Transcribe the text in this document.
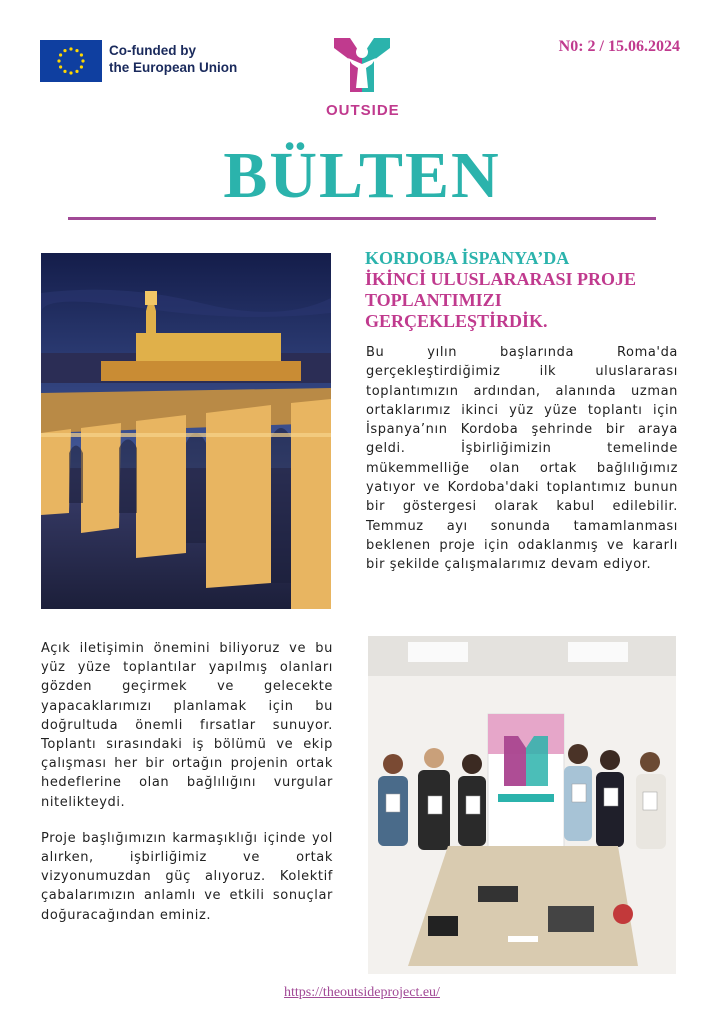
Co-funded by
the European Union
OUTSIDE
N0: 2 / 15.06.2024
BÜLTEN
KORDOBA İSPANYA’DA
İKİNCİ ULUSLARARASI PROJE TOPLANTIMIZI GERÇEKLEŞTİRDİK.
Bu yılın başlarında Roma'da gerçekleştirdiğimiz ilk uluslararası toplantımızın ardından, alanında uzman ortaklarımız ikinci yüz yüze toplantı için İspanya’nın Kordoba şehrinde bir araya geldi. İşbirliğimizin temelinde mükemmelliğe olan ortak bağlılığımız yatıyor ve Kordoba'daki toplantımız bunun bir göstergesi olarak kabul edilebilir. Temmuz ayı sonunda tamamlanması beklenen proje için odaklanmış ve kararlı bir şekilde çalışmalarımız devam ediyor.

Açık iletişimin önemini biliyoruz ve bu yüz yüze toplantılar yapılmış olanları gözden geçirmek ve gelecekte yapacaklarımızı planlamak için bu doğrultuda önemli fırsatlar sunuyor. Toplantı sırasındaki iş bölümü ve ekip çalışması her bir ortağın projenin ortak hedeflerine olan bağlılığını vurgular nitelikteydi.

Proje başlığımızın karmaşıklığı içinde yol alırken, işbirliğimiz ve ortak vizyonumuzdan güç alıyoruz. Kolektif çabalarımızın anlamlı ve etkili sonuçlar doğuracağından eminiz.

https://theoutsideproject.eu/
